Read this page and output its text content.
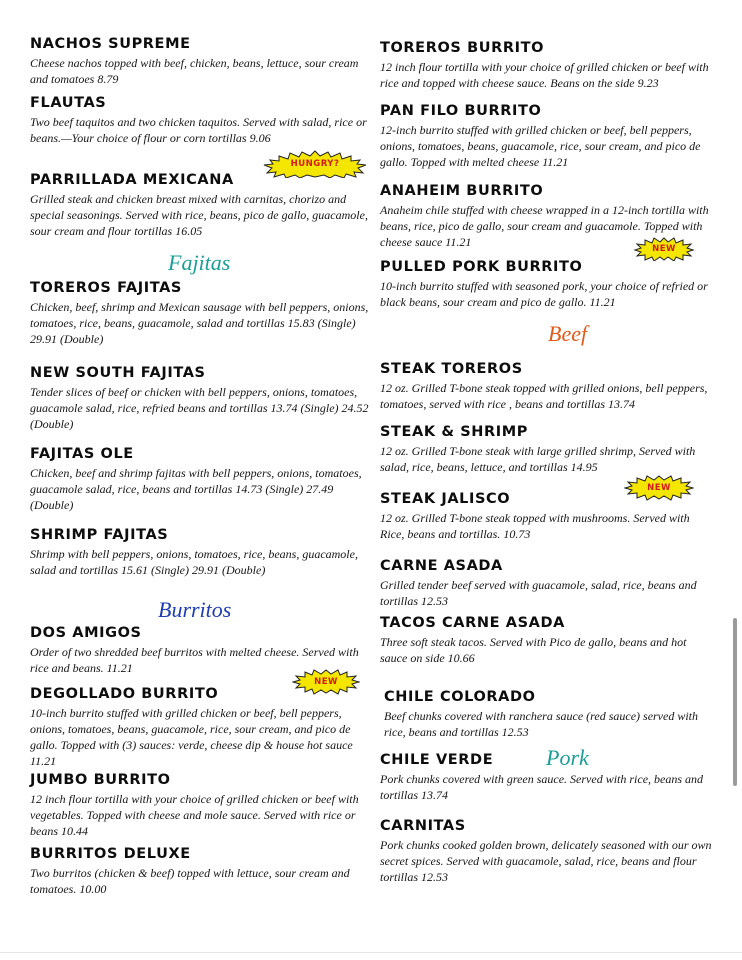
NACHOS SUPREME
Cheese nachos topped with beef, chicken, beans, lettuce, sour cream and tomatoes 8.79
FLAUTAS
Two beef taquitos and two chicken taquitos. Served with salad, rice or beans.—Your choice of flour or corn tortillas 9.06
PARRILLADA MEXICANA
Grilled steak and chicken breast mixed with carnitas, chorizo and special seasonings. Served with rice, beans, pico de gallo, guacamole, sour cream and flour tortillas 16.05
Fajitas
TOREROS FAJITAS
Chicken, beef, shrimp and Mexican sausage with bell peppers, onions, tomatoes, rice, beans, guacamole, salad and tortillas 15.83 (Single) 29.91 (Double)
NEW SOUTH FAJITAS
Tender slices of beef or chicken with bell peppers, onions, tomatoes, guacamole salad, rice, refried beans and tortillas 13.74 (Single) 24.52 (Double)
FAJITAS OLE
Chicken, beef and shrimp fajitas with bell peppers, onions, tomatoes, guacamole salad, rice, beans and tortillas 14.73 (Single) 27.49 (Double)
SHRIMP FAJITAS
Shrimp with bell peppers, onions, tomatoes, rice, beans, guacamole, salad and tortillas 15.61 (Single) 29.91 (Double)
Burritos
DOS AMIGOS
Order of two shredded beef burritos with melted cheese. Served with rice and beans. 11.21
DEGOLLADO BURRITO
10-inch burrito stuffed with grilled chicken or beef, bell peppers, onions, tomatoes, beans, guacamole, rice, sour cream, and pico de gallo. Topped with (3) sauces: verde, cheese dip & house hot sauce 11.21
JUMBO BURRITO
12 inch flour tortilla with your choice of grilled chicken or beef with vegetables. Topped with cheese and mole sauce. Served with rice or beans 10.44
BURRITOS DELUXE
Two burritos (chicken & beef) topped with lettuce, sour cream and tomatoes. 10.00
TOREROS BURRITO
12 inch flour tortilla with your choice of grilled chicken or beef with rice and topped with cheese sauce. Beans on the side 9.23
PAN FILO BURRITO
12-inch burrito stuffed with grilled chicken or beef, bell peppers, onions, tomatoes, beans, guacamole, rice, sour cream, and pico de gallo. Topped with melted cheese 11.21
ANAHEIM BURRITO
Anaheim chile stuffed with cheese wrapped in a 12-inch tortilla with beans, rice, pico de gallo, sour cream and guacamole. Topped with cheese sauce 11.21
PULLED PORK BURRITO
10-inch burrito stuffed with seasoned pork, your choice of refried or black beans, sour cream and pico de gallo. 11.21
Beef
STEAK TOREROS
12 oz. Grilled T-bone steak topped with grilled onions, bell peppers, tomatoes, served with rice , beans and tortillas 13.74
STEAK & SHRIMP
12 oz. Grilled T-bone steak with large grilled shrimp, Served with salad, rice, beans, lettuce, and tortillas 14.95
STEAK JALISCO
12 oz. Grilled T-bone steak topped with mushrooms. Served with Rice, beans and tortillas. 10.73
CARNE ASADA
Grilled tender beef served with guacamole, salad, rice, beans and tortillas 12.53
TACOS CARNE ASADA
Three soft steak tacos. Served with Pico de gallo, beans and hot sauce on side 10.66
CHILE COLORADO
Beef chunks covered with ranchera sauce (red sauce) served with rice, beans and tortillas 12.53
Pork
CHILE VERDE
Pork chunks covered with green sauce. Served with rice, beans and tortillas 13.74
CARNITAS
Pork chunks cooked golden brown, delicately seasoned with our own secret spices. Served with guacamole, salad, rice, beans and flour tortillas 12.53
HUNGRY?
NEW
NEW
NEW
